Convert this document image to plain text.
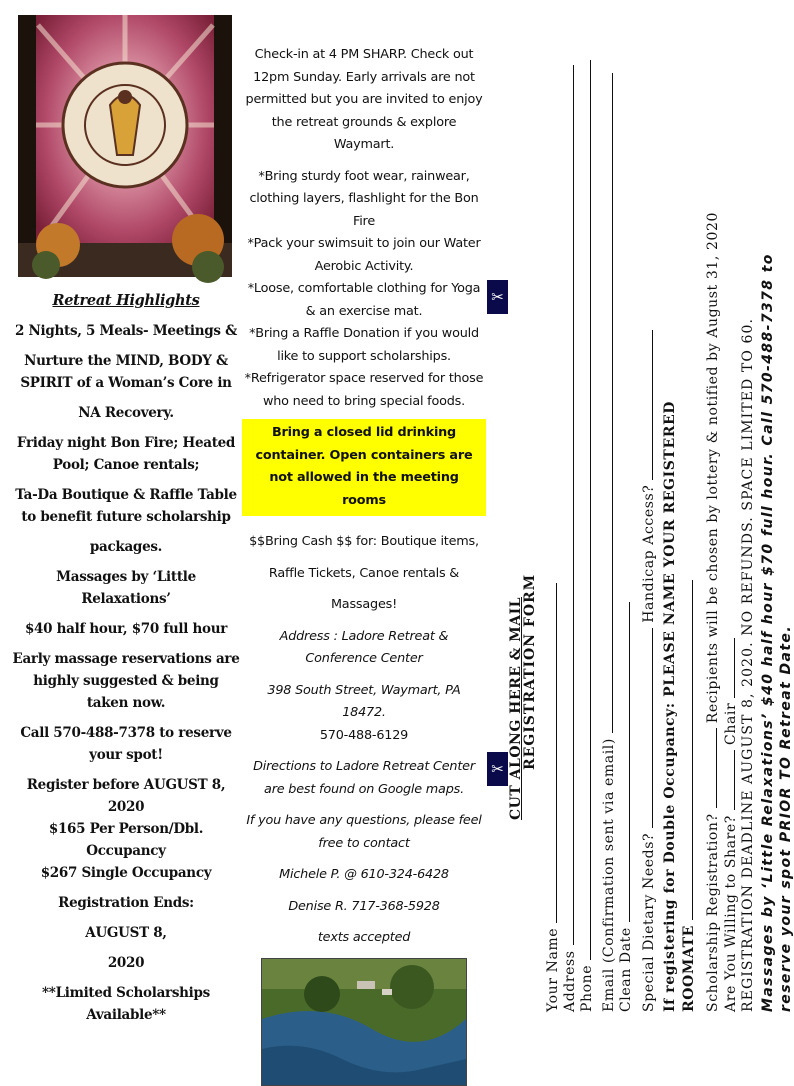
Retreat Highlights

2 Nights, 5 Meals- Meetings &

Nurture the MIND, BODY & SPIRIT of a Woman’s Core in

NA Recovery.

Friday night Bon Fire; Heated Pool; Canoe rentals;

Ta-Da Boutique & Raffle Table to benefit future scholarship

packages.

Massages by ‘Little Relaxations’

$40 half hour, $70 full hour

Early massage reservations are highly suggested & being taken now.

Call 570-488-7378 to reserve your spot!

Register before AUGUST 8, 2020

$165 Per Person/Dbl. Occupancy

$267 Single Occupancy

Registration Ends:

AUGUST 8,

2020

**Limited Scholarships Available**

Check-in at 4 PM SHARP. Check out 12pm Sunday. Early arrivals are not permitted but you are invited to enjoy the retreat grounds & explore Waymart.

*Bring sturdy foot wear, rainwear, clothing layers, flashlight for the Bon Fire

*Pack your swimsuit to join our Water Aerobic Activity.

*Loose, comfortable clothing for Yoga & an exercise mat.

*Bring a Raffle Donation if you would like to support scholarships.

*Refrigerator space reserved for those who need to bring special foods.

Bring a closed lid drinking container. Open containers are not allowed in the meeting rooms

$$Bring Cash $$ for: Boutique items,

Raffle Tickets, Canoe rentals &

Massages!

Address : Ladore Retreat & Conference Center

398 South Street, Waymart, PA 18472.

570-488-6129

Directions to Ladore Retreat Center are best found on Google maps.

If you have any questions, please feel free to contact

Michele P. @ 610-324-6428

Denise R. 717-368-5928

texts accepted

✂
✂ CUT ALONG HERE & MAIL
REGISTRATION FORM
Your Name Address Phone Email (Confirmation sent via email) Clean Date Special Dietary Needs?  Handicap Access? If registering for Double Occupancy: PLEASE NAME YOUR REGISTERED ROOMATE Scholarship Registration?  Recipients will be chosen by lottery & notified by August 31, 2020
Are You Willing to Share?  Chair REGISTRATION DEADLINE AUGUST 8, 2020. NO REFUNDS. SPACE LIMITED TO 60. Massages by ‘Little Relaxations’ $40 half hour $70 full hour. Call 570-488-7378 to reserve your spot PRIOR TO Retreat Date.
